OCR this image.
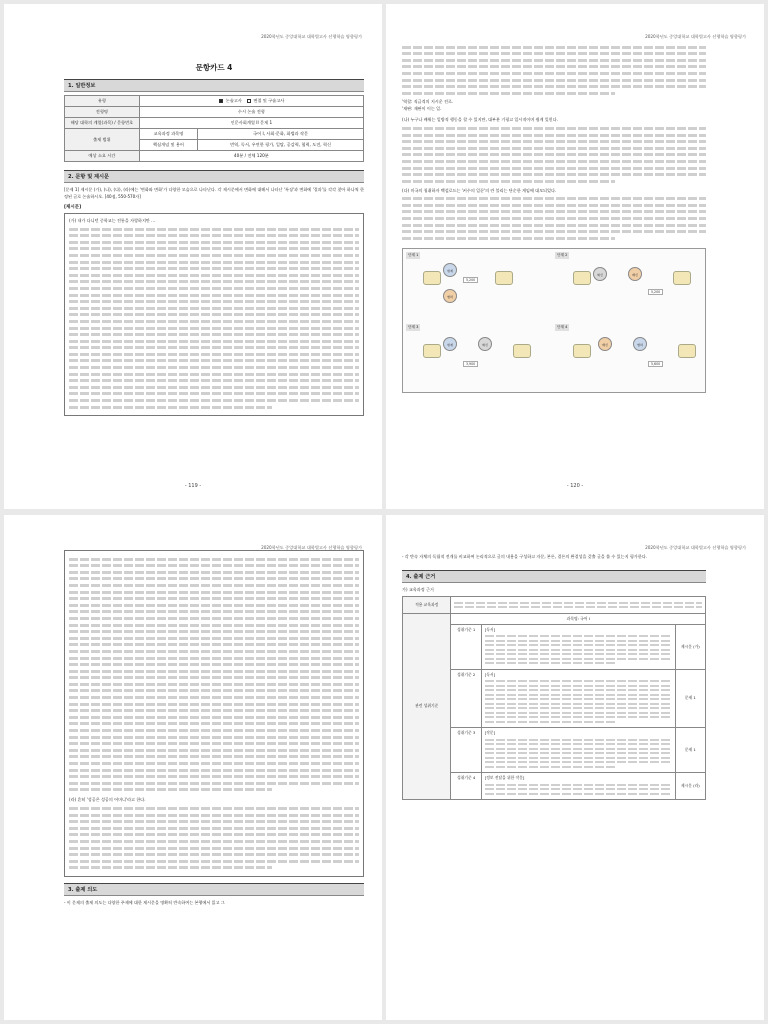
2020학년도 중앙대학교 대학별고사 선행학습 영향평가
문항카드 4
1. 일반정보
유형	논술고사 면접 및 구술고사	
전형명	수시 논술 전형	
해당 대학의 계열(과목) / 문항번호	인문사회계열 II 문제 1	
출제 범위	교육과정 과목명	국어 I, 사회·문화, 화법과 작문
	핵심개념 및 용어	번역, 독서, 우연한 평가, 일탈, 공감력, 협력, 도전, 혁신
예상 소요 시간	40분 / 전체 120분	
2. 문항 및 제시문
[문제 1] 제시문 (가), (나), (다), (라)에는 '변화와 변화'가 다양한 모습으로 나타난다. 각 제시문에서 변화에 대해서 나타난 '특징'과 변화에 '결과'를 각각 찾아 하나씩 한정된 글로 논술하시오. [40점, 550-570자]
[제시문]
(가) 내가 다니던 중학교는 전통을 자랑하지만 ...
- 119 -
2020학년도 중앙대학교 대학별고사 선행학습 영향평가
'역할: 직급격의 지시운 전로.
'재판: 재판이 이는 일.
(나) 누구나 배워는 일방적 행동을 할 수 있지만, 대부분 기평고 일시적이며 쉽게 잊힌다.
(다) 미국의 청취하자 백설로드는 '커수의 일꾼'의 란 불리는 단순한 게임에 대모되었다.
단계 1	단계 2
단계 3	단계 4
현재
5,200
협력
혁신	배신
5,200
현재	혁신
3,900
배신	협력
5,600
- 120 -
2020학년도 중앙대학교 대학별고사 선행학습 영향평가
(라) 흔히 '성공은 성공의 어머니'라고 한다.
3. 출제 의도
- 이 문제의 출제 의도는 다양한 주제에 대한 제시문을 명확히 반속하여는 본행에서 읽고 그
2020학년도 중앙대학교 대학별고사 선행학습 영향평가
- 각 반속 자체의 독립적 전개를 비교하여 논리적으로 글의 내용을 구성하고 자문, 본론, 결론의 완결성을 갖출 글을 쓸 수 있는지 평가한다.
4. 출제 근거
가) 교육과정 근거
적용 교육과정			

관련 성취기준	과목명: 국어 I		
	성취기준 1	[독서]	제시문 (가)
	성취기준 2	[독서]	문제 1
	성취기준 3	[작문]	문제 1
	성취기준 4	[정보 전달을 위한 작문]	제시문 (라)
